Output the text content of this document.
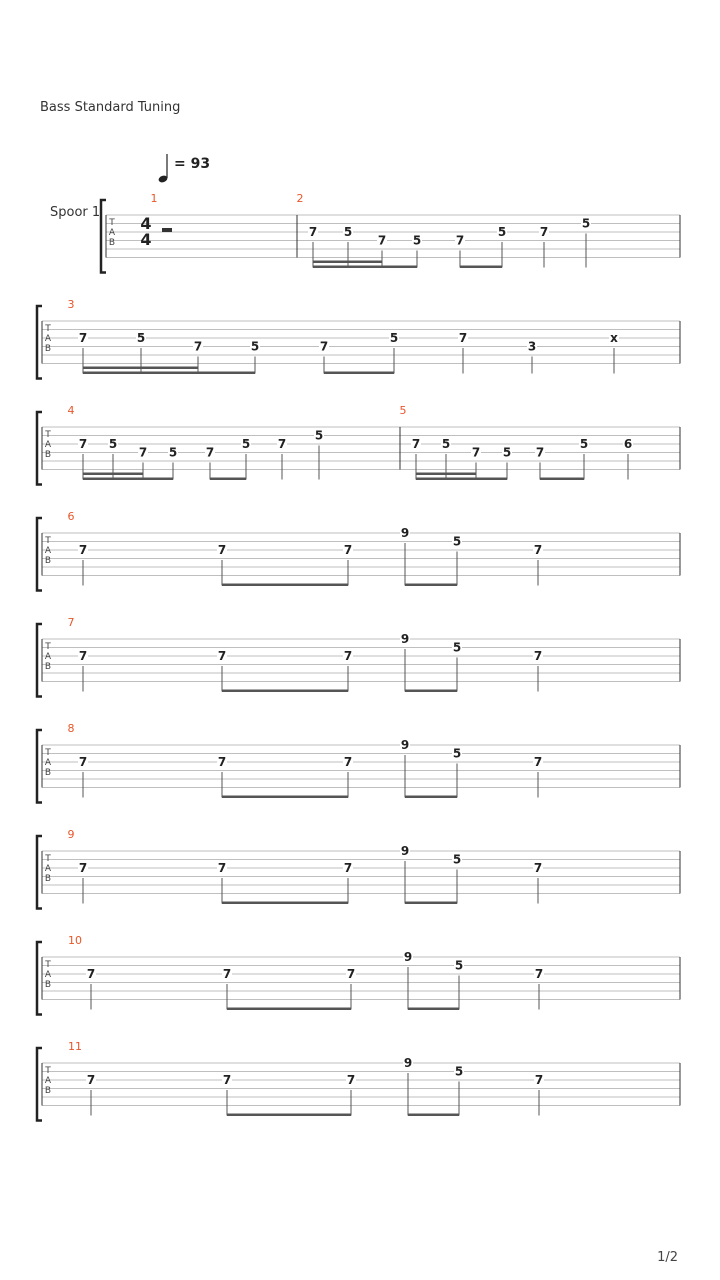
Bass Standard Tuning
= 93
Spoor 1
T
A
B
4
4
1	2
7 5
7 5	7
5	7
5
T
A
B
3
7	5
7	5	7
5	7
3
x
T
A
B
4
7 5
7 5 7
5 7
5
5
7 5
7 5 7
5	6
T
A
B
6
7	7	7
9
5
7
T
A
B
7
7	7	7
9
5
7
T
A
B
8
7	7	7
9
5
7
T
A
B
9
7	7	7
9
5
7
T
A
B
10
7	7	7
9
5
7
T
A
B
11
7	7	7
9
5
7
1/2
